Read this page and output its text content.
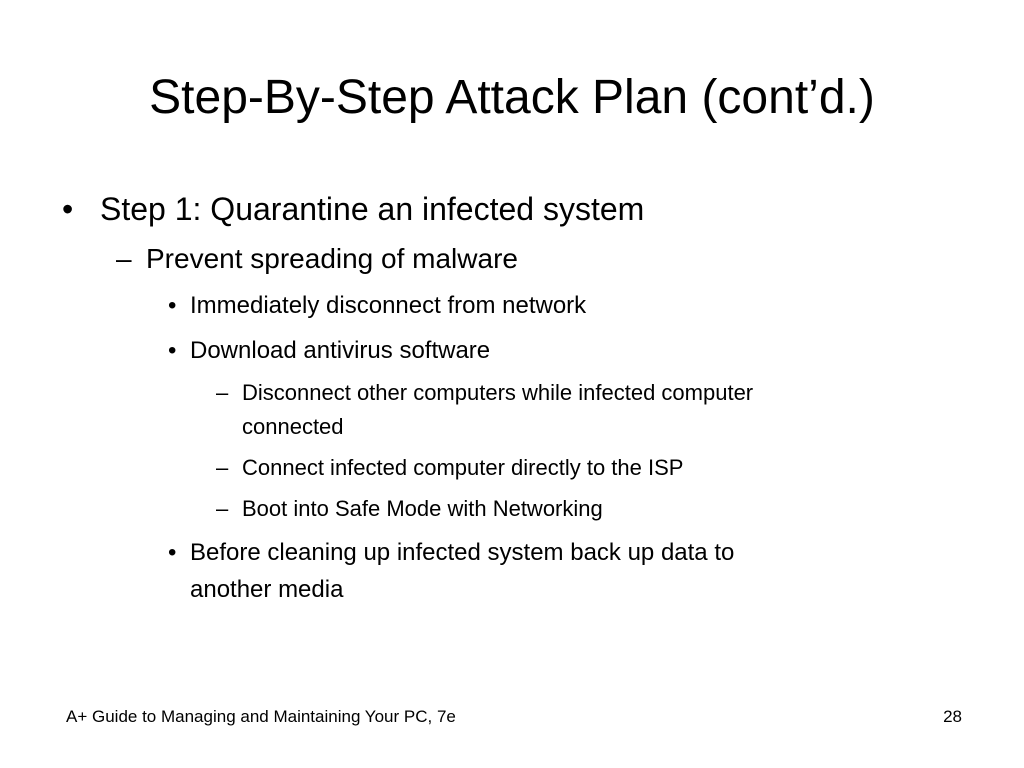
Step-By-Step Attack Plan (cont’d.)
• Step 1: Quarantine an infected system

– Prevent spreading of malware

• Immediately disconnect from network

• Download antivirus software

– Disconnect other computers while infected computer

connected

– Connect infected computer directly to the ISP

– Boot into Safe Mode with Networking

• Before cleaning up infected system back up data to

another media

A+ Guide to Managing and Maintaining Your PC, 7e	28
